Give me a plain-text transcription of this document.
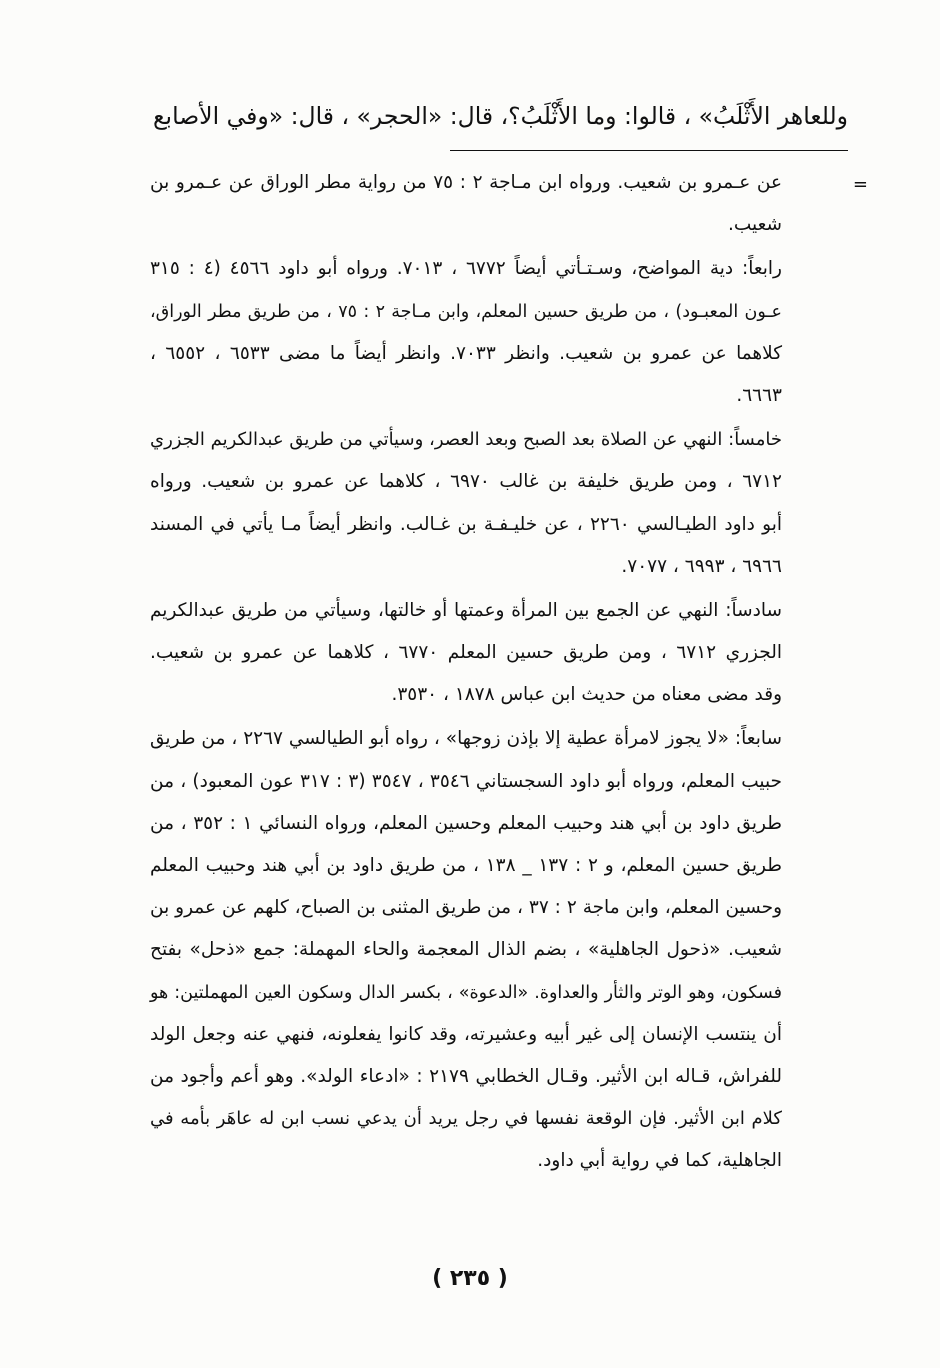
وللعاهر الأَثْلَبُ» ، قالوا: وما الأَثْلَبُ؟، قال: «الحجر» ، قال: «وفي الأصابع
=
عن عـمرو بن شعيب. ورواه ابن مـاجة ٢ : ٧٥ من رواية مطر الوراق عن عـمرو بن
شعيب.
رابعاً: دية المواضح، وسـتـأتي أيضاً ٦٧٧٢ ، ٧٠١٣. ورواه أبو داود ٤٥٦٦ (٤ : ٣١٥
عـون المعبـود) ، من طريق حسين المعلم، وابن مـاجة ٢ : ٧٥ ، من طريق مطر الوراق،
كلاهما عن عمرو بن شعيب. وانظر ٧٠٣٣. وانظر أيضاً ما مضى ٦٥٣٣ ، ٦٥٥٢ ،
٦٦٦٣.
خامساً: النهي عن الصلاة بعد الصبح وبعد العصر، وسيأتي من طريق عبدالكريم الجزري
٦٧١٢ ، ومن طريق خليفة بن غالب ٦٩٧٠ ، كلاهما عن عمرو بن شعيب. ورواه
أبو داود الطيـالسي ٢٢٦٠ ، عن خليـفـة بن غـالب. وانظر أيضاً مـا يأتي في المسند
٦٩٦٦ ، ٦٩٩٣ ، ٧٠٧٧.
سادساً: النهي عن الجمع بين المرأة وعمتها أو خالتها، وسيأتي من طريق عبدالكريم
الجزري ٦٧١٢ ، ومن طريق حسين المعلم ٦٧٧٠ ، كلاهما عن عمرو بن شعيب.
وقد مضى معناه من حديث ابن عباس ١٨٧٨ ، ٣٥٣٠.
سابعاً: «لا يجوز لامرأة عطية إلا بإذن زوجها» ، رواه أبو الطيالسي ٢٢٦٧ ، من طريق
حبيب المعلم، ورواه أبو داود السجستاني ٣٥٤٦ ، ٣٥٤٧ (٣ : ٣١٧ عون المعبود) ، من
طريق داود بن أبي هند وحبيب المعلم وحسين المعلم، ورواه النسائي ١ : ٣٥٢ ، من
طريق حسين المعلم، و ٢ : ١٣٧ _ ١٣٨ ، من طريق داود بن أبي هند وحبيب المعلم
وحسين المعلم، وابن ماجة ٢ : ٣٧ ، من طريق المثنى بن الصباح، كلهم عن عمرو بن
شعيب. «ذحول الجاهلية» ، بضم الذال المعجمة والحاء المهملة: جمع «ذحل» بفتح
فسكون، وهو الوتر والثأر والعداوة. «الدعوة» ، بكسر الدال وسكون العين المهملتين: هو
أن ينتسب الإنسان إلى غير أبيه وعشيرته، وقد كانوا يفعلونه، فنهي عنه وجعل الولد
للفراش، قـاله ابن الأثير. وقـال الخطابي ٢١٧٩ : «ادعاء الولد». وهو أعم وأجود من
كلام ابن الأثير. فإن الوقعة نفسها في رجل يريد أن يدعي نسب ابن له عاهَر بأمه في
الجاهلية، كما في رواية أبي داود.
( ٢٣٥ )
